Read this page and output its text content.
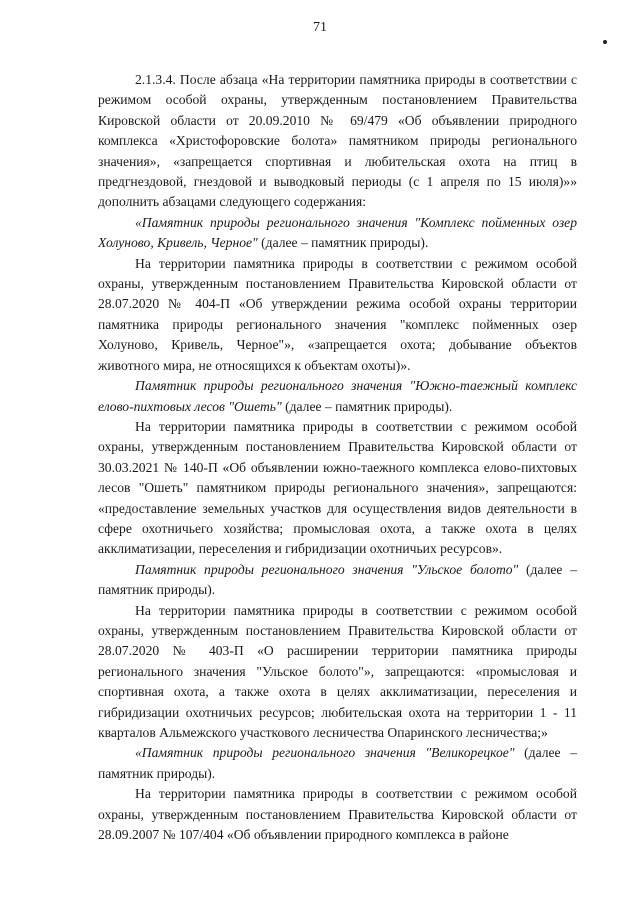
71

2.1.3.4. После абзаца «На территории памятника природы в соответствии с режимом особой охраны, утвержденным постановлением Правительства Кировской области от 20.09.2010 № 69/479 «Об объявлении природного комплекса «Христофоровские болота» памятником природы регионального значения», «запрещается спортивная и любительская охота на птиц в предгнездовой, гнездовой и выводковый периоды (с 1 апреля по 15 июля)»» дополнить абзацами следующего содержания:

«Памятник природы регионального значения "Комплекс пойменных озер Холуново, Кривель, Черное" (далее – памятник природы).

На территории памятника природы в соответствии с режимом особой охраны, утвержденным постановлением Правительства Кировской области от 28.07.2020 № 404-П «Об утверждении режима особой охраны территории памятника природы регионального значения "комплекс пойменных озер Холуново, Кривель, Черное"», «запрещается охота; добывание объектов животного мира, не относящихся к объектам охоты)».

Памятник природы регионального значения "Южно-таежный комплекс елово-пихтовых лесов "Ошеть" (далее – памятник природы).

На территории памятника природы в соответствии с режимом особой охраны, утвержденным постановлением Правительства Кировской области от 30.03.2021 № 140-П «Об объявлении южно-таежного комплекса елово-пихтовых лесов "Ошеть" памятником природы регионального значения», запрещаются: «предоставление земельных участков для осуществления видов деятельности в сфере охотничьего хозяйства; промысловая охота, а также охота в целях акклиматизации, переселения и гибридизации охотничьих ресурсов».

Памятник природы регионального значения "Ульское болото" (далее – памятник природы).

На территории памятника природы в соответствии с режимом особой охраны, утвержденным постановлением Правительства Кировской области от 28.07.2020 № 403-П «О расширении территории памятника природы регионального значения "Ульское болото"», запрещаются: «промысловая и спортивная охота, а также охота в целях акклиматизации, переселения и гибридизации охотничьих ресурсов; любительская охота на территории 1 - 11 кварталов Альмежского участкового лесничества Опаринского лесничества;»

«Памятник природы регионального значения "Великорецкое" (далее – памятник природы).

На территории памятника природы в соответствии с режимом особой охраны, утвержденным постановлением Правительства Кировской области от 28.09.2007 № 107/404 «Об объявлении природного комплекса в районе
